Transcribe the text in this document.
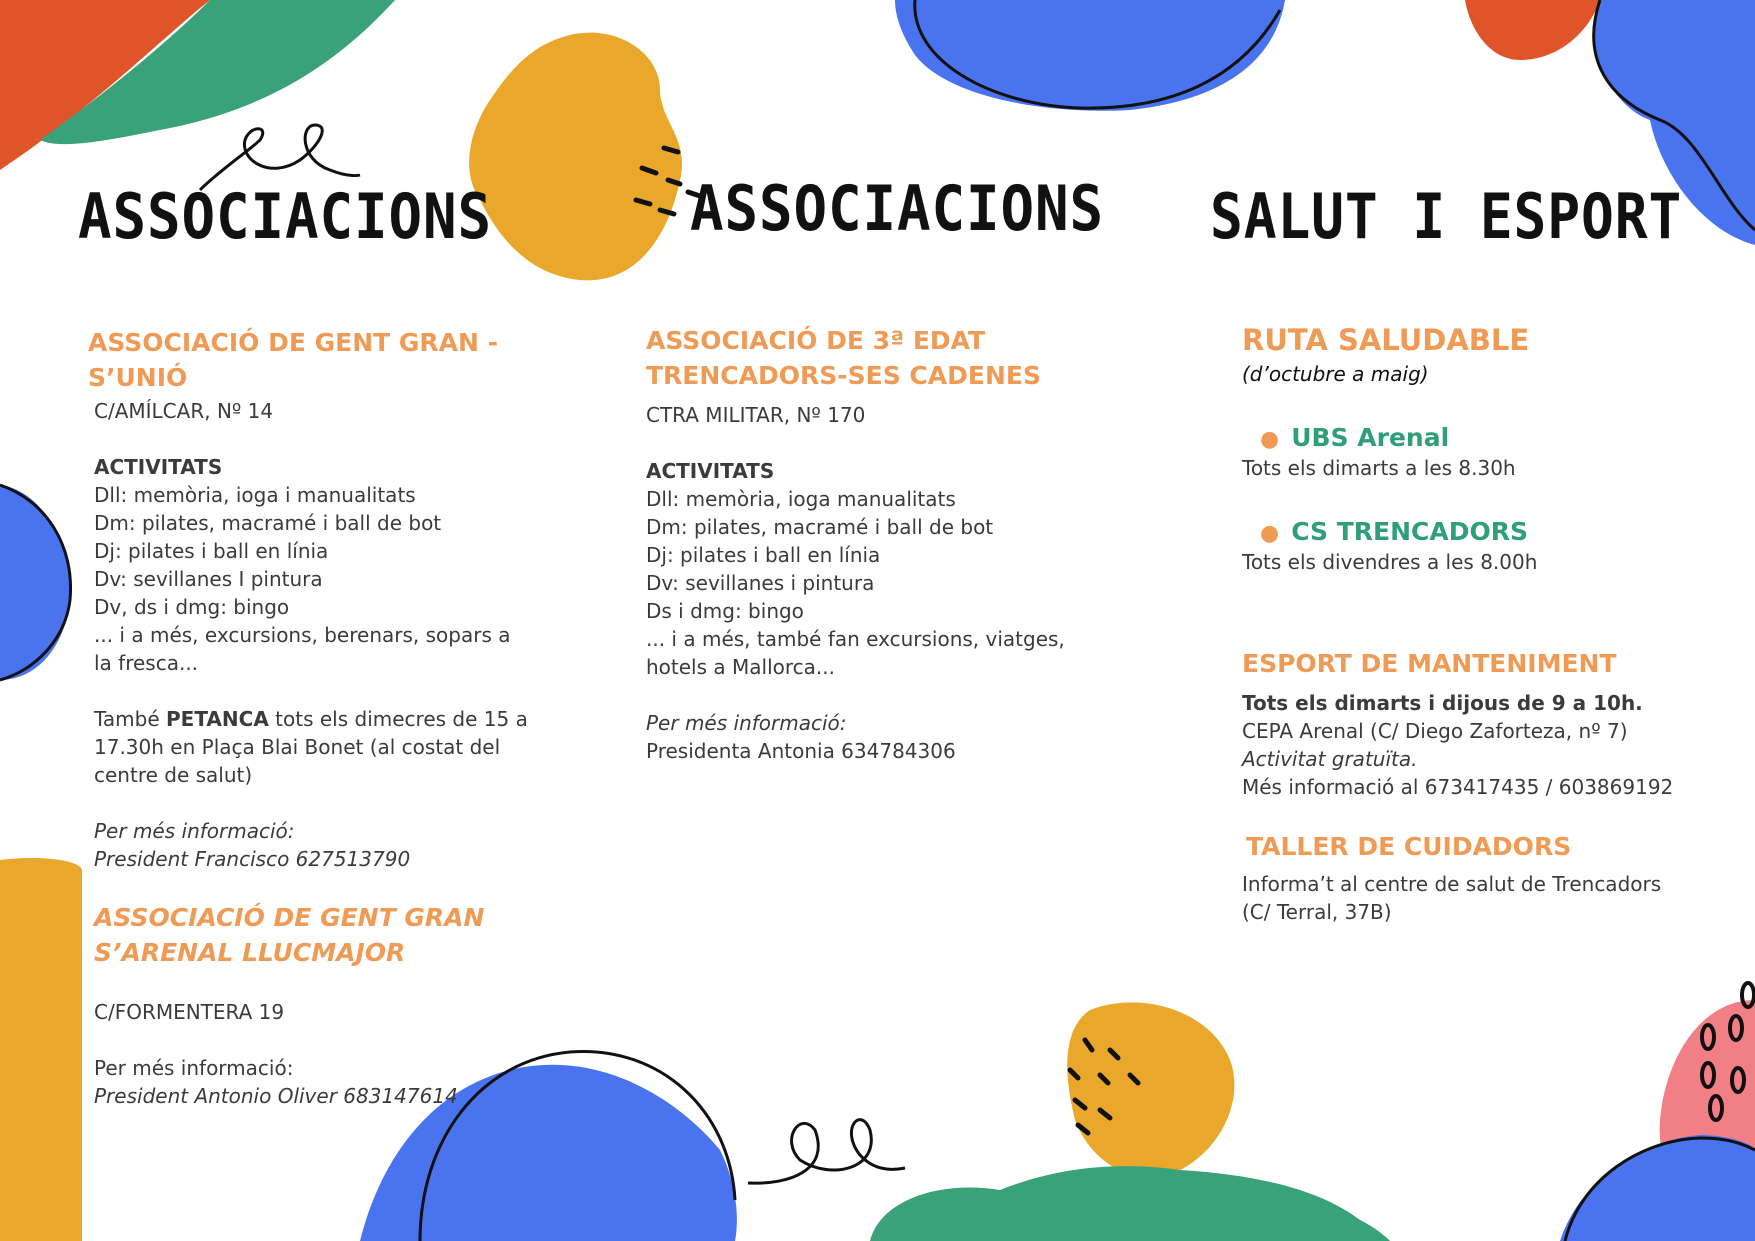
ASSOCIACIONS	ASSOCIACIONS SALUT I ESPORT
ASSOCIACIÓ DE GENT GRAN - S’UNIÓ
C/AMÍLCAR, Nº 14
ACTIVITATS
Dll: memòria, ioga i manualitats
Dm: pilates, macramé i ball de bot
Dj: pilates i ball en línia
Dv: sevillanes I pintura
Dv, ds i dmg: bingo
... i a més, excursions, berenars, sopars a la fresca...
També PETANCA tots els dimecres de 15 a 17.30h en Plaça Blai Bonet (al costat del centre de salut)
Per més informació:
President Francisco 627513790
ASSOCIACIÓ DE GENT GRAN
S’ARENAL LLUCMAJOR
C/FORMENTERA 19
Per més informació:
President Antonio Oliver 683147614
ASSOCIACIÓ DE 3ª EDAT TRENCADORS-SES CADENES
CTRA MILITAR, Nº 170
ACTIVITATS
Dll: memòria, ioga manualitats
Dm: pilates, macramé i ball de bot
Dj: pilates i ball en línia
Dv: sevillanes i pintura
Ds i dmg: bingo
... i a més, també fan excursions, viatges, hotels a Mallorca...
Per més informació:
Presidenta Antonia 634784306
RUTA SALUDABLE
(d’octubre a maig)
● UBS Arenal
Tots els dimarts a les 8.30h
● CS TRENCADORS
Tots els divendres a les 8.00h
ESPORT DE MANTENIMENT
Tots els dimarts i dijous de 9 a 10h.
CEPA Arenal (C/ Diego Zaforteza, nº 7)
Activitat gratuïta.
Més informació al 673417435 / 603869192
TALLER DE CUIDADORS
Informa’t al centre de salut de Trencadors (C/ Terral, 37B)
